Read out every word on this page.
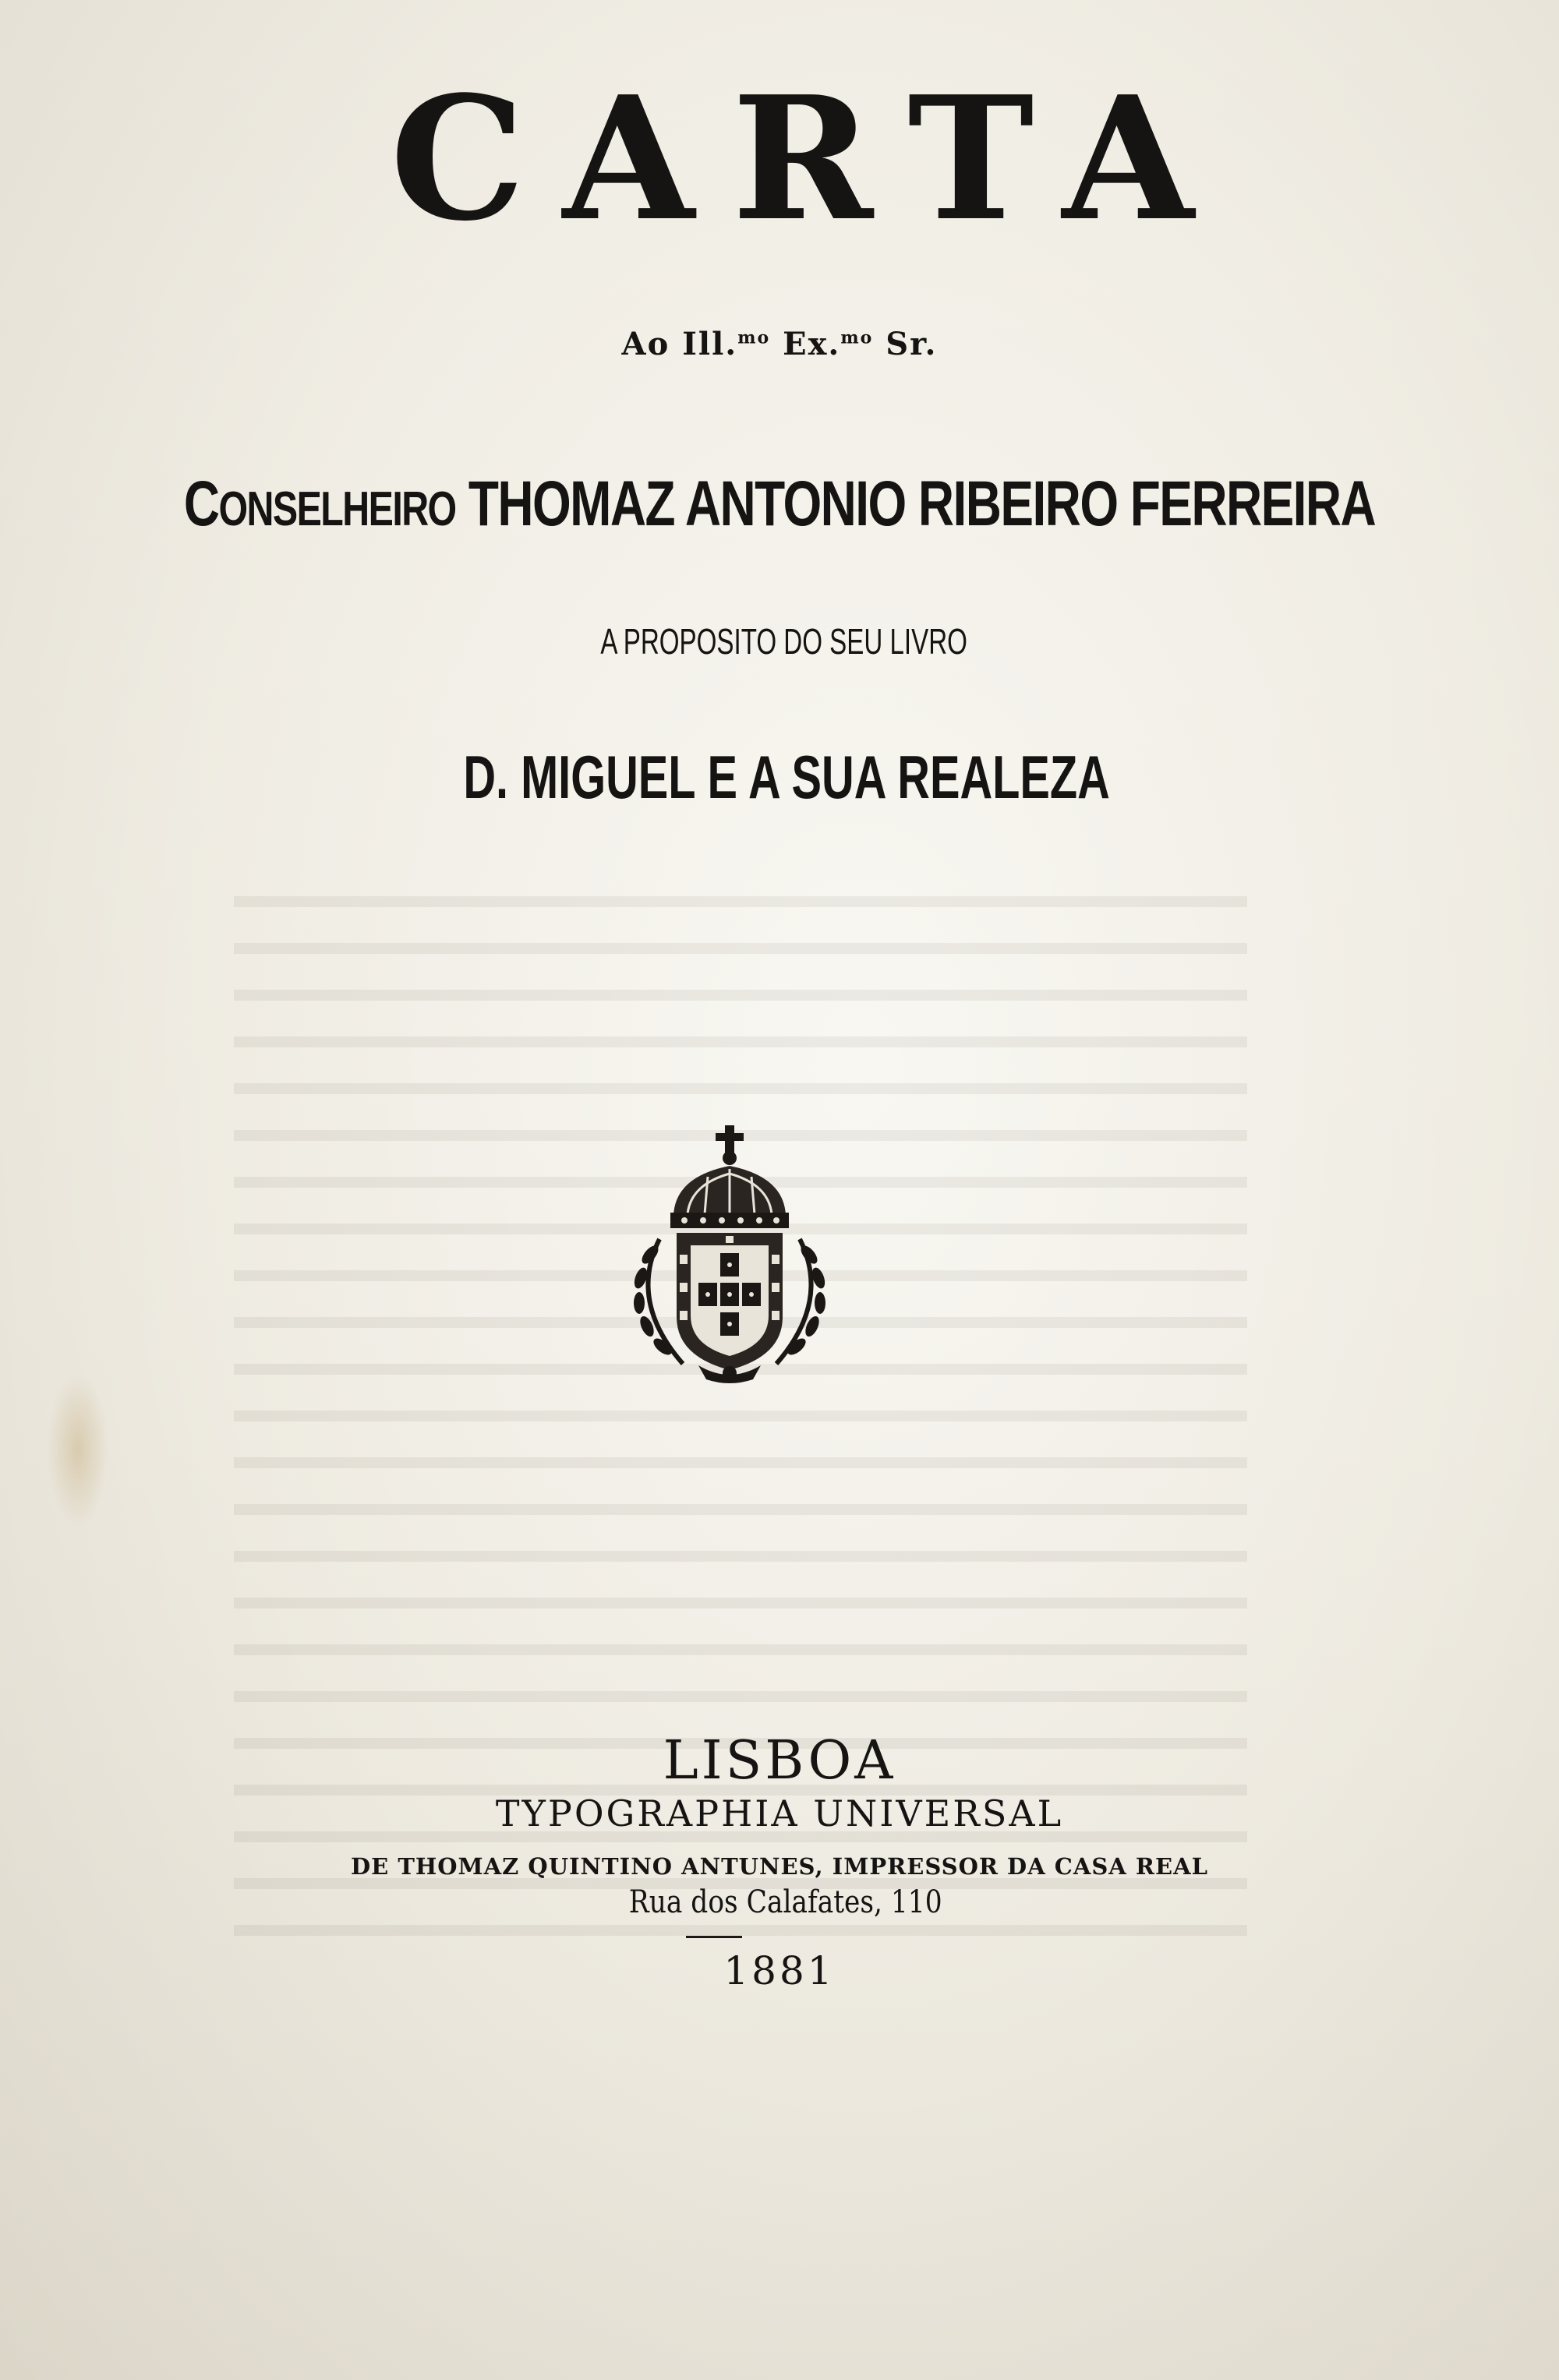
CARTA
Ao Ill.$^{mo}$ Ex.$^{mo}$ Sr.
CONSELHEIRO THOMAZ ANTONIO RIBEIRO FERREIRA
A PROPOSITO DO SEU LIVRO
D. MIGUEL E A SUA REALEZA
LISBOA
TYPOGRAPHIA UNIVERSAL
DE THOMAZ QUINTINO ANTUNES, IMPRESSOR DA CASA REAL
Rua dos Calafates, 110
1881
